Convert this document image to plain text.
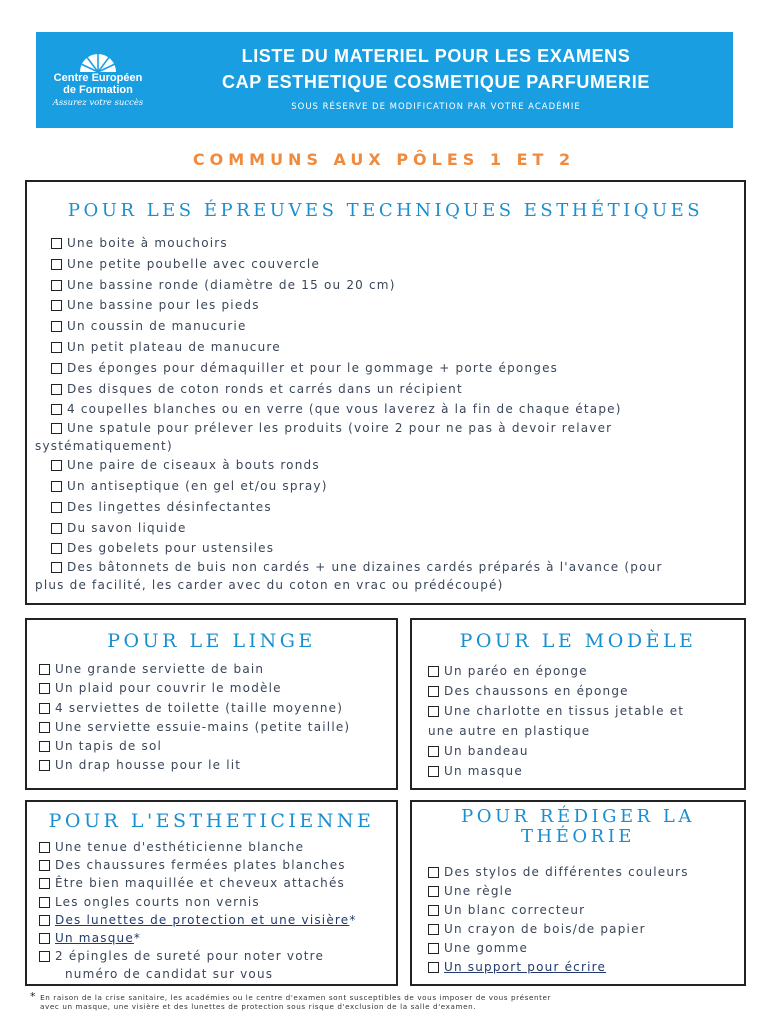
Centre Européen
de Formation
Assurez votre succès
LISTE DU MATERIEL POUR LES EXAMENS
CAP ESTHETIQUE COSMETIQUE PARFUMERIE
SOUS RÉSERVE DE MODIFICATION PAR VOTRE ACADÉMIE
COMMUNS AUX PÔLES 1 ET 2
POUR LES ÉPREUVES TECHNIQUES ESTHÉTIQUES
Une boite à mouchoirs
Une petite poubelle avec couvercle
Une bassine ronde (diamètre de 15 ou 20 cm)
Une bassine pour les pieds
Un coussin de manucurie
Un petit plateau de manucure
Des éponges pour démaquiller et pour le gommage + porte éponges
Des disques de coton ronds et carrés dans un récipient
4 coupelles blanches ou en verre (que vous laverez à la fin de chaque étape)
Une spatule pour prélever les produits (voire 2 pour ne pas à devoir relaver
systématiquement)
Une paire de ciseaux à bouts ronds
Un antiseptique (en gel et/ou spray)
Des lingettes désinfectantes
Du savon liquide
Des gobelets pour ustensiles
Des bâtonnets de buis non cardés + une dizaines cardés préparés à l'avance (pour
plus de facilité, les carder avec du coton en vrac ou prédécoupé)
POUR LE LINGE
Une grande serviette de bain
Un plaid pour couvrir le modèle
4 serviettes de toilette (taille moyenne)
Une serviette essuie-mains (petite taille)
Un tapis de sol
Un drap housse pour le lit
POUR LE MODÈLE
Un paréo en éponge
Des chaussons en éponge
Une charlotte en tissus jetable et
une autre en plastique
Un bandeau
Un masque
POUR L'ESTHETICIENNE
Une tenue d'esthéticienne blanche
Des chaussures fermées plates blanches
Être bien maquillée et cheveux attachés
Les ongles courts non vernis
Des lunettes de protection et une visière*
Un masque*
2 épingles de sureté pour noter votre
numéro de candidat sur vous
POUR RÉDIGER LA
THÉORIE
Des stylos de différentes couleurs
Une règle
Un blanc correcteur
Un crayon de bois/de papier
Une gomme
Un support pour écrire
* En raison de la crise sanitaire, les académies ou le centre d'examen sont susceptibles de vous imposer de vous présenter
avec un masque, une visière et des lunettes de protection sous risque d'exclusion de la salle d'examen.
